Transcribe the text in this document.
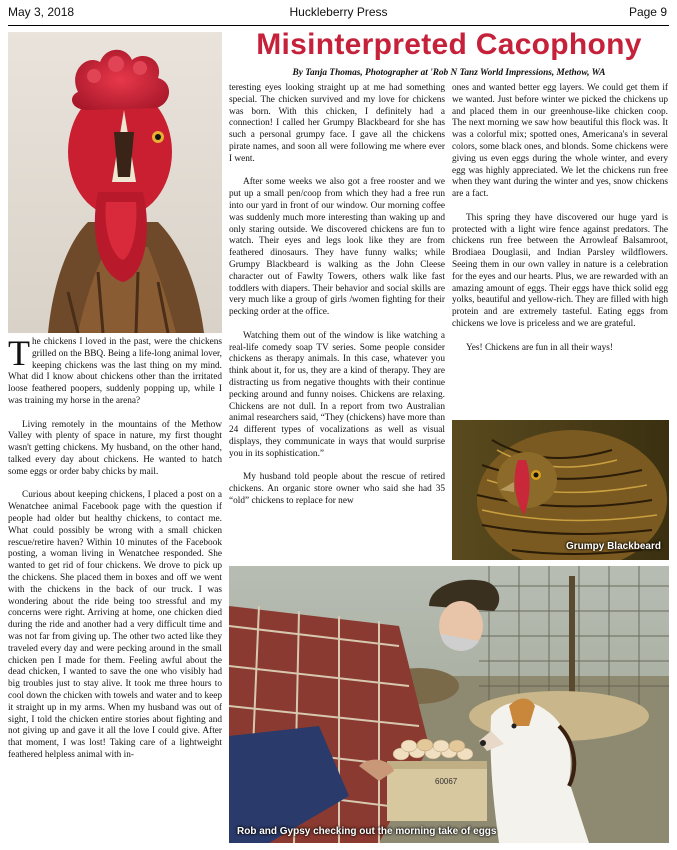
May 3, 2018	Huckleberry Press	Page 9
Misinterpreted Cacophony
By Tanja Thomas, Photographer at 'Rob N Tanz World Impressions, Methow, WA

The chickens I loved in the past, were the chickens grilled on the BBQ. Being a life-long animal lover, keeping chickens was the last thing on my mind. What did I know about chickens other than the irritated loose feathered poopers, suddenly popping up, while I was training my horse in the arena?

Living remotely in the mountains of the Methow Valley with plenty of space in nature, my first thought wasn't getting chickens. My husband, on the other hand, talked every day about chickens. He wanted to hatch some eggs or order baby chicks by mail.

Curious about keeping chickens, I placed a post on a Wenatchee animal Facebook page with the question if people had older but healthy chickens, to contact me. What could possibly be wrong with a small chicken rescue/retire haven? Within 10 minutes of the Facebook posting, a woman living in Wenatchee responded. She wanted to get rid of four chickens. We drove to pick up the chickens. She placed them in boxes and off we went with the chickens in the back of our truck. I was wondering about the ride being too stressful and my concerns were right. Arriving at home, one chicken died during the ride and another had a very difficult time and was not far from giving up. The other two acted like they traveled every day and were pecking around in the small chicken pen I made for them. Feeling awful about the dead chicken, I wanted to save the one who visibly had big troubles just to stay alive. It took me three hours to cool down the chicken with towels and water and to keep it straight up in my arms. When my husband was out of sight, I told the chicken entire stories about fighting and not giving up and gave it all the love I could give. After that moment, I was lost! Taking care of a lightweight feathered helpless animal with in-

teresting eyes looking straight up at me had something special. The chicken survived and my love for chickens was born. With this chicken, I definitely had a connection! I called her Grumpy Blackbeard for she has such a personal grumpy face. I gave all the chickens pirate names, and soon all were following me where ever I went.

After some weeks we also got a free rooster and we put up a small pen/coop from which they had a free run into our yard in front of our window. Our morning coffee was suddenly much more interesting than waking up and only staring outside. We discovered chickens are fun to watch. Their eyes and legs look like they are from feathered dinosaurs. They have funny walks; while Grumpy Blackbeard is walking as the John Cleese character out of Fawlty Towers, others walk like fast toddlers with diapers. Their behavior and social skills are very much like a group of girls /women fighting for their pecking order at the office.

Watching them out of the window is like watching a real-life comedy soap TV series. Some people consider chickens as therapy animals. In this case, whatever you think about it, for us, they are a kind of therapy. They are distracting us from negative thoughts with their continue pecking around and funny noises. Chickens are relaxing. Chickens are not dull. In a report from two Australian animal researchers said, “They (chickens) have more than 24 different types of vocalizations as well as visual displays, they communicate in ways that would surprise you in its sophistication.”

My husband told people about the rescue of retired chickens. An organic store owner who said she had 35 “old” chickens to replace for new

ones and wanted better egg layers. We could get them if we wanted. Just before winter we picked the chickens up and placed them in our greenhouse-like chicken coop. The next morning we saw how beautiful this flock was. It was a colorful mix; spotted ones, Americana's in several colors, some black ones, and blonds. Some chickens were giving us even eggs during the whole winter, and every egg was highly appreciated. We let the chickens run free when they want during the winter and yes, snow chickens are a fact.

This spring they have discovered our huge yard is protected with a light wire fence against predators. The chickens run free between the Arrowleaf Balsamroot, Brodiaea Douglasii, and Indian Parsley wildflowers. Seeing them in our own valley in nature is a celebration for the eyes and our hearts. Plus, we are rewarded with an amazing amount of eggs. Their eggs have thick solid egg yolks, beautiful and yellow-rich. They are filled with high protein and are extremely tasteful. Eating eggs from chickens we love is priceless and we are grateful.

Yes! Chickens are fun in all their ways!

Grumpy Blackbeard
60067
Rob and Gypsy checking out the morning take of eggs
